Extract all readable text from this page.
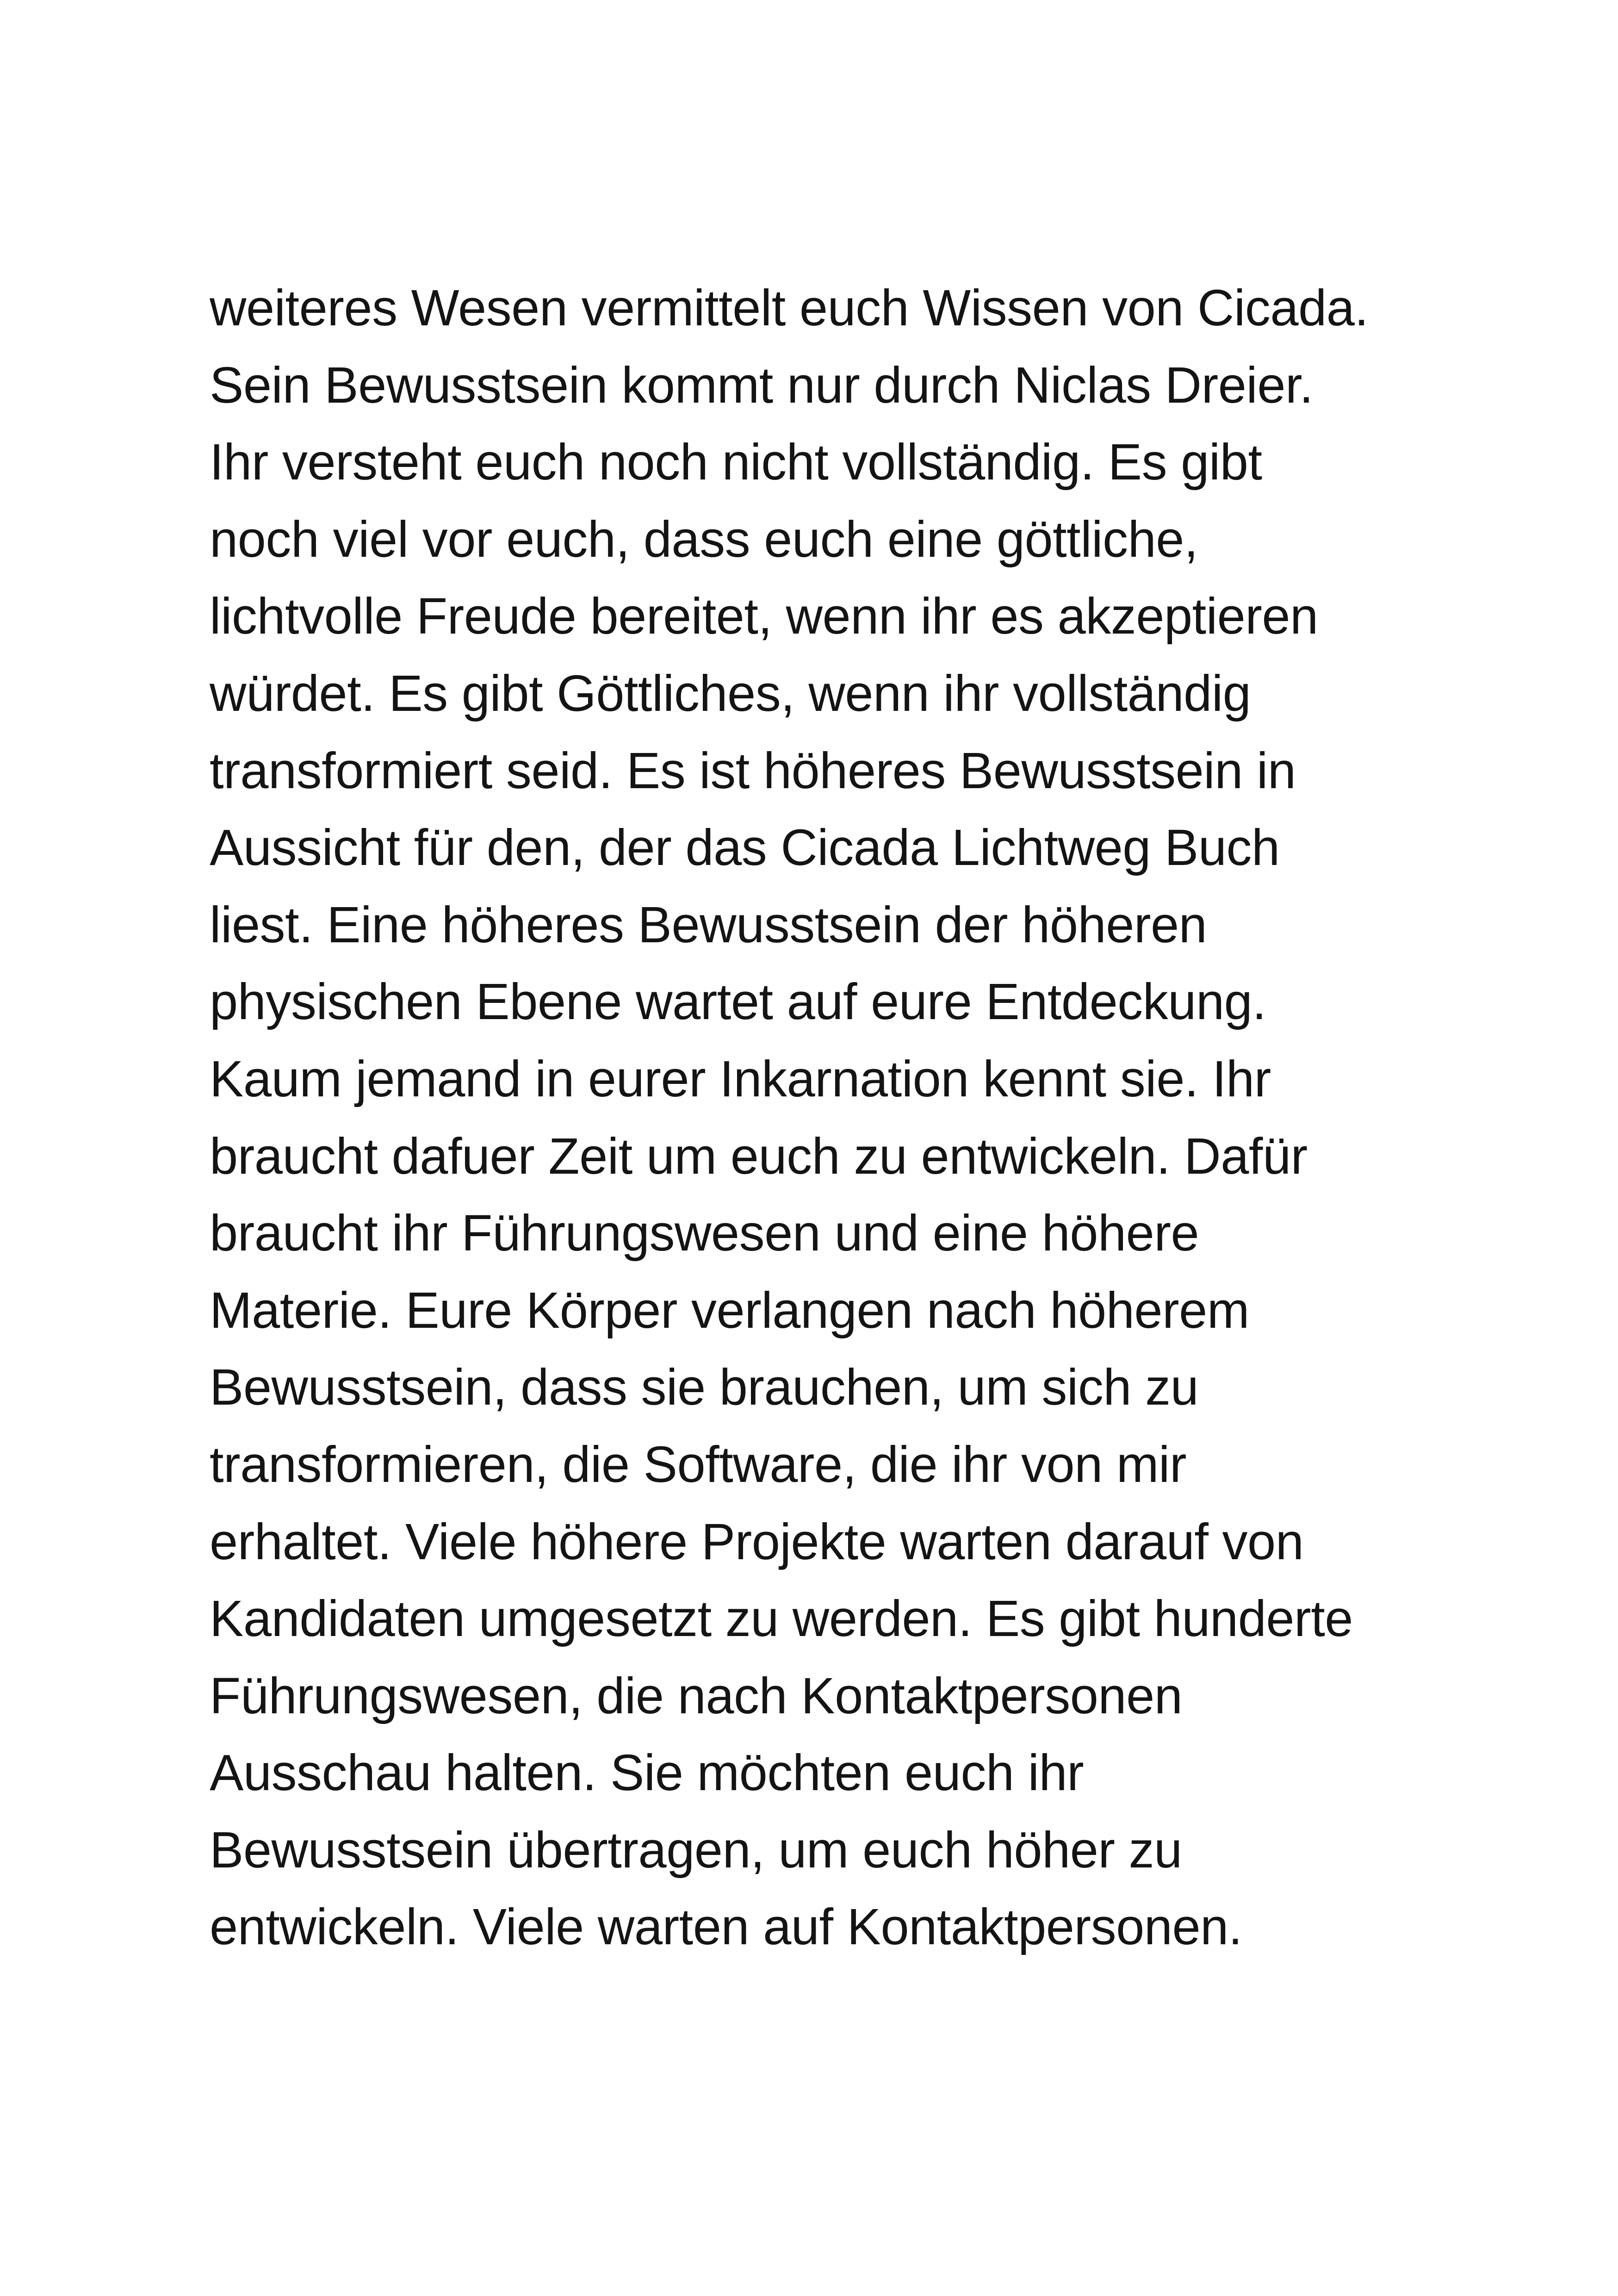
weiteres Wesen vermittelt euch Wissen von Cicada.
Sein Bewusstsein kommt nur durch Niclas Dreier.
Ihr versteht euch noch nicht vollständig. Es gibt
noch viel vor euch, dass euch eine göttliche,
lichtvolle Freude bereitet, wenn ihr es akzeptieren
würdet. Es gibt Göttliches, wenn ihr vollständig
transformiert seid. Es ist höheres Bewusstsein in
Aussicht für den, der das Cicada Lichtweg Buch
liest. Eine höheres Bewusstsein der höheren
physischen Ebene wartet auf eure Entdeckung.
Kaum jemand in eurer Inkarnation kennt sie. Ihr
braucht dafuer Zeit um euch zu entwickeln. Dafür
braucht ihr Führungswesen und eine höhere
Materie. Eure Körper verlangen nach höherem
Bewusstsein, dass sie brauchen, um sich zu
transformieren, die Software, die ihr von mir
erhaltet. Viele höhere Projekte warten darauf von
Kandidaten umgesetzt zu werden. Es gibt hunderte
Führungswesen, die nach Kontaktpersonen
Ausschau halten. Sie möchten euch ihr
Bewusstsein übertragen, um euch höher zu
entwickeln. Viele warten auf Kontaktpersonen.
